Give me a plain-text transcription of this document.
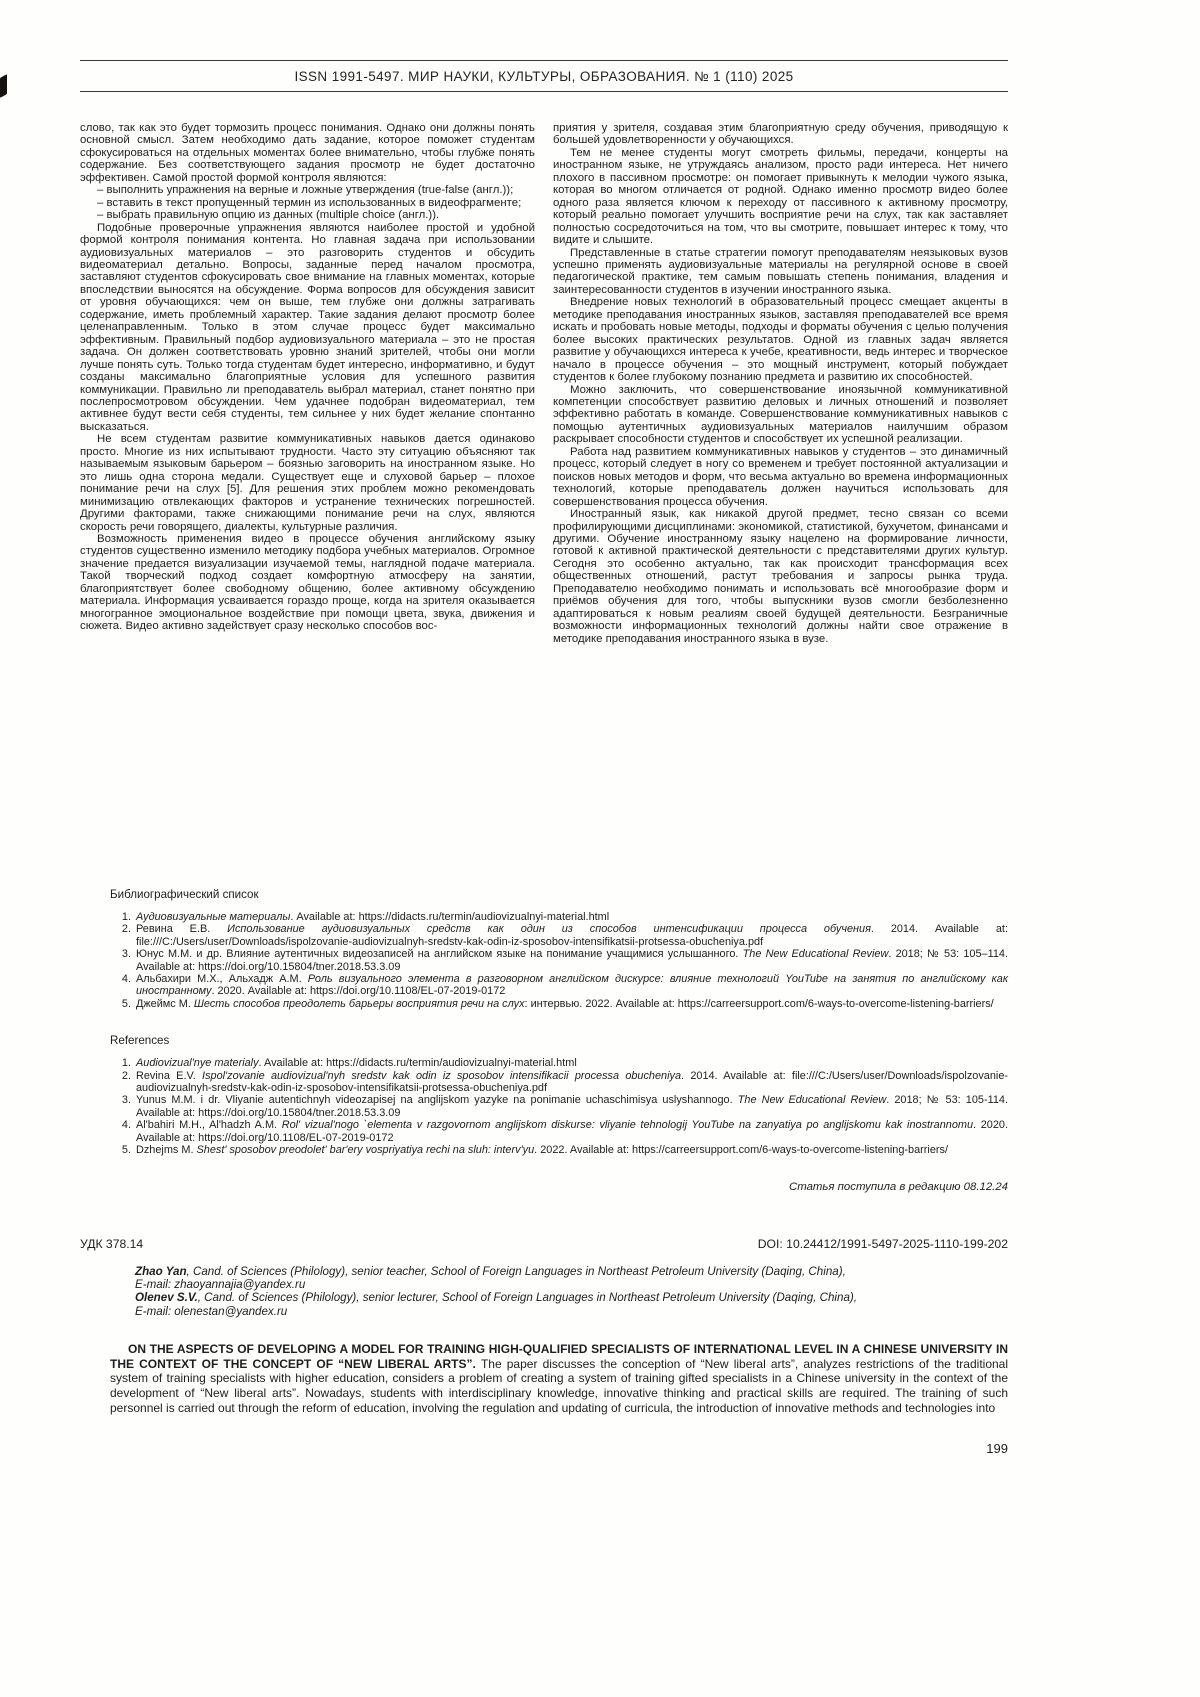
ISSN 1991-5497. МИР НАУКИ, КУЛЬТУРЫ, ОБРАЗОВАНИЯ. № 1 (110) 2025

слово, так как это будет тормозить процесс понимания. Однако они должны понять основной смысл. Затем необходимо дать задание, которое поможет студентам сфокусироваться на отдельных моментах более внимательно, чтобы глубже понять содержание. Без соответствующего задания просмотр не будет достаточно эффективен. Самой простой формой контроля являются:

– выполнить упражнения на верные и ложные утверждения (true-false (англ.));

– вставить в текст пропущенный термин из использованных в видеофрагменте;

– выбрать правильную опцию из данных (multiple choice (англ.)).

Подобные проверочные упражнения являются наиболее простой и удобной формой контроля понимания контента. Но главная задача при использовании аудиовизуальных материалов – это разговорить студентов и обсудить видеоматериал детально. Вопросы, заданные перед началом просмотра, заставляют студентов сфокусировать свое внимание на главных моментах, которые впоследствии выносятся на обсуждение. Форма вопросов для обсуждения зависит от уровня обучающихся: чем он выше, тем глубже они должны затрагивать содержание, иметь проблемный характер. Такие задания делают просмотр более целенаправленным. Только в этом случае процесс будет максимально эффективным. Правильный подбор аудиовизуального материала – это не простая задача. Он должен соответствовать уровню знаний зрителей, чтобы они могли лучше понять суть. Только тогда студентам будет интересно, информативно, и будут созданы максимально благоприятные условия для успешного развития коммуникации. Правильно ли преподаватель выбрал материал, станет понятно при послепросмотровом обсуждении. Чем удачнее подобран видеоматериал, тем активнее будут вести себя студенты, тем сильнее у них будет желание спонтанно высказаться.

Не всем студентам развитие коммуникативных навыков дается одинаково просто. Многие из них испытывают трудности. Часто эту ситуацию объясняют так называемым языковым барьером – боязнью заговорить на иностранном языке. Но это лишь одна сторона медали. Существует еще и слуховой барьер – плохое понимание речи на слух [5]. Для решения этих проблем можно рекомендовать минимизацию отвлекающих факторов и устранение технических погрешностей. Другими факторами, также снижающими понимание речи на слух, являются скорость речи говорящего, диалекты, культурные различия.

Возможность применения видео в процессе обучения английскому языку студентов существенно изменило методику подбора учебных материалов. Огромное значение предается визуализации изучаемой темы, наглядной подаче материала. Такой творческий подход создает комфортную атмосферу на занятии, благоприятствует более свободному общению, более активному обсуждению материала. Информация усваивается гораздо проще, когда на зрителя оказывается многогранное эмоциональное воздействие при помощи цвета, звука, движения и сюжета. Видео активно задействует сразу несколько способов вос-

приятия у зрителя, создавая этим благоприятную среду обучения, приводящую к большей удовлетворенности у обучающихся.

Тем не менее студенты могут смотреть фильмы, передачи, концерты на иностранном языке, не утруждаясь анализом, просто ради интереса. Нет ничего плохого в пассивном просмотре: он помогает привыкнуть к мелодии чужого языка, которая во многом отличается от родной. Однако именно просмотр видео более одного раза является ключом к переходу от пассивного к активному просмотру, который реально помогает улучшить восприятие речи на слух, так как заставляет полностью сосредоточиться на том, что вы смотрите, повышает интерес к тому, что видите и слышите.

Представленные в статье стратегии помогут преподавателям неязыковых вузов успешно применять аудиовизуальные материалы на регулярной основе в своей педагогической практике, тем самым повышать степень понимания, владения и заинтересованности студентов в изучении иностранного языка.

Внедрение новых технологий в образовательный процесс смещает акценты в методике преподавания иностранных языков, заставляя преподавателей все время искать и пробовать новые методы, подходы и форматы обучения с целью получения более высоких практических результатов. Одной из главных задач является развитие у обучающихся интереса к учебе, креативности, ведь интерес и творческое начало в процессе обучения – это мощный инструмент, который побуждает студентов к более глубокому познанию предмета и развитию их способностей.

Можно заключить, что совершенствование иноязычной коммуникативной компетенции способствует развитию деловых и личных отношений и позволяет эффективно работать в команде. Совершенствование коммуникативных навыков с помощью аутентичных аудиовизуальных материалов наилучшим образом раскрывает способности студентов и способствует их успешной реализации.

Работа над развитием коммуникативных навыков у студентов – это динамичный процесс, который следует в ногу со временем и требует постоянной актуализации и поисков новых методов и форм, что весьма актуально во времена информационных технологий, которые преподаватель должен научиться использовать для совершенствования процесса обучения.

Иностранный язык, как никакой другой предмет, тесно связан со всеми профилирующими дисциплинами: экономикой, статистикой, бухучетом, финансами и другими. Обучение иностранному языку нацелено на формирование личности, готовой к активной практической деятельности с представителями других культур. Сегодня это особенно актуально, так как происходит трансформация всех общественных отношений, растут требования и запросы рынка труда. Преподавателю необходимо понимать и использовать всё многообразие форм и приёмов обучения для того, чтобы выпускники вузов смогли безболезненно адаптироваться к новым реалиям своей будущей деятельности. Безграничные возможности информационных технологий должны найти свое отражение в методике преподавания иностранного языка в вузе.

Библиографический список
1. Аудиовизуальные материалы. Available at: https://didacts.ru/termin/audiovizualnyi-material.html
2. Ревина Е.В. Использование аудиовизуальных средств как один из способов интенсификации процесса обучения. 2014. Available at: file:///C:/Users/user/Downloads/ispolzovanie-audiovizualnyh-sredstv-kak-odin-iz-sposobov-intensifikatsii-protsessa-obucheniya.pdf
3. Юнус М.М. и др. Влияние аутентичных видеозаписей на английском языке на понимание учащимися услышанного. The New Educational Review. 2018; № 53: 105–114. Available at: https://doi.org/10.15804/tner.2018.53.3.09
4. Альбахири М.Х., Альхадж А.М. Роль визуального элемента в разговорном английском дискурсе: влияние технологий YouTube на занятия по английскому как иностранному. 2020. Available at: https://doi.org/10.1108/EL-07-2019-0172
5. Джеймс М. Шесть способов преодолеть барьеры восприятия речи на слух: интервью. 2022. Available at: https://carreersupport.com/6-ways-to-overcome-listening-barriers/
References
1. Audiovizual'nye materialy. Available at: https://didacts.ru/termin/audiovizualnyi-material.html
2. Revina E.V. Ispol'zovanie audiovizual'nyh sredstv kak odin iz sposobov intensifikacii processa obucheniya. 2014. Available at: file:///C:/Users/user/Downloads/ispolzovanie-audiovizualnyh-sredstv-kak-odin-iz-sposobov-intensifikatsii-protsessa-obucheniya.pdf
3. Yunus M.M. i dr. Vliyanie autentichnyh videozapisej na anglijskom yazyke na ponimanie uchaschimisya uslyshannogo. The New Educational Review. 2018; № 53: 105-114. Available at: https://doi.org/10.15804/tner.2018.53.3.09
4. Al'bahiri M.H., Al'hadzh A.M. Rol' vizual'nogo `elementa v razgovornom anglijskom diskurse: vliyanie tehnologij YouTube na zanyatiya po anglijskomu kak inostrannomu. 2020. Available at: https://doi.org/10.1108/EL-07-2019-0172
5. Dzhejms M. Shest' sposobov preodolet' bar'ery vospriyatiya rechi na sluh: interv'yu. 2022. Available at: https://carreersupport.com/6-ways-to-overcome-listening-barriers/
Статья поступила в редакцию 08.12.24
УДК 378.14	DOI: 10.24412/1991-5497-2025-1110-199-202

Zhao Yan, Cand. of Sciences (Philology), senior teacher, School of Foreign Languages in Northeast Petroleum University (Daqing, China),

E-mail: zhaoyannajia@yandex.ru

Olenev S.V., Cand. of Sciences (Philology), senior lecturer, School of Foreign Languages in Northeast Petroleum University (Daqing, China),

E-mail: olenestan@yandex.ru

ON THE ASPECTS OF DEVELOPING A MODEL FOR TRAINING HIGH-QUALIFIED SPECIALISTS OF INTERNATIONAL LEVEL IN A CHINESE UNIVERSITY IN THE CONTEXT OF THE CONCEPT OF “NEW LIBERAL ARTS”. The paper discusses the conception of “New liberal arts”, analyzes restrictions of the traditional system of training specialists with higher education, considers a problem of creating a system of training gifted specialists in a Chinese university in the context of the development of “New liberal arts”. Nowadays, students with interdisciplinary knowledge, innovative thinking and practical skills are required. The training of such personnel is carried out through the reform of education, involving the regulation and updating of curricula, the introduction of innovative methods and technologies into

199
